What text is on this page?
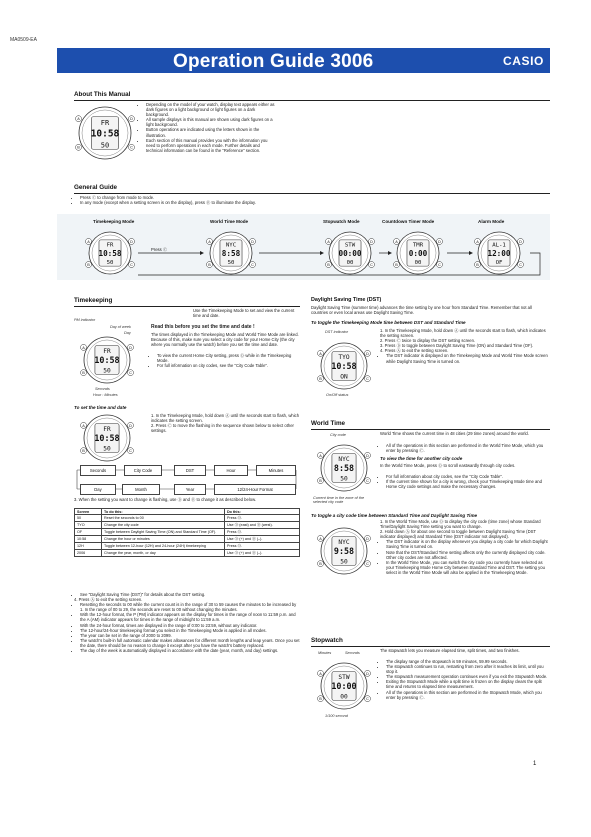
MA0509-EA
Operation Guide 3006	CASIO
About This Manual
FR
10:58
50
A
B	C
D
• Depending on the model of your watch, display text appears either as dark figures on a light background or light figures on a dark background.
• All sample displays in this manual are shown using dark figures on a light background.
• Button operations are indicated using the letters shown in the illustration.
• Each section of this manual provides you with the information you need to perform operations in each mode. Further details and technical information can be found in the "Reference" section.
General Guide
• Press Ⓒ to change from mode to mode.
• In any mode (except when a setting screen is on the display), press Ⓑ to illuminate the display.
Timekeeping Mode	World Time Mode	Stopwatch Mode	Countdown Timer Mode	Alarm Mode
FR
10:58
50
A
B	C
D
NYC
8:58
50
A
B	C
D
STW
00:00
00
A
B	C
D
TMR
0:00
00
A
B	C
D
AL-1
12:00
OF
A
B	C
D
Press Ⓒ
Timekeeping
Use the Timekeeping Mode to set and view the current time and date.
PM indicator
Day of week
Day
FR
10:58
50
A
B	C
D
Seconds
Hour : Minutes
Read this before you set the time and date !
The times displayed in the Timekeeping Mode and World Time Mode are linked. Because of this, make sure you select a city code for your Home City (the city where you normally use the watch) before you set the time and date.
• To view the current Home City setting, press Ⓓ while in the Timekeeping Mode.
• For full information on city codes, see the "City Code Table".
To set the time and date
FR
10:58
50
A
B	C
D
1. In the Timekeeping Mode, hold down Ⓐ until the seconds start to flash, which indicates the setting screen.
2. Press Ⓒ to move the flashing in the sequence shown below to select other settings.
Seconds	City Code	DST	Hour	Minutes
Day	Month	Year	12/24-Hour Format
3. When the setting you want to change is flashing, use Ⓓ and Ⓑ to change it as described below.
Screen	To do this:	Do this:
50	Reset the seconds to 00	Press Ⓓ.
TYO	Change the city code	Use Ⓓ (east) and Ⓑ (west).
OF	Toggle between Daylight Saving Time (ON) and Standard Time (OF).	Press Ⓓ.
10:58	Change the hour or minutes	Use Ⓓ (+) and Ⓑ (–).
12H	Toggle between 12-hour (12H) and 24-hour (24H) timekeeping	Press Ⓓ.
2006	Change the year, month, or day	Use Ⓓ (+) and Ⓑ (–).
• See "Daylight Saving Time (DST)" for details about the DST setting.
4. Press Ⓐ to exit the setting screen.
• Resetting the seconds to 00 while the current count is in the range of 30 to 59 causes the minutes to be increased by 1. In the range of 00 to 29, the seconds are reset to 00 without changing the minutes.
• With the 12-hour format, the P (PM) indicator appears on the display for times in the range of noon to 11:59 p.m. and the A (AM) indicator appears for times in the range of midnight to 11:59 a.m.
• With the 24-hour format, times are displayed in the range of 0:00 to 23:59, without any indicator.
• The 12-hour/24-hour timekeeping format you select in the Timekeeping Mode is applied in all modes.
• The year can be set in the range of 2000 to 2099.
• The watch's built-in full automatic calendar makes allowances for different month lengths and leap years. Once you set the date, there should be no reason to change it except after you have the watch's battery replaced.
• The day of the week is automatically displayed in accordance with the date (year, month, and day) settings.
Daylight Saving Time (DST)
Daylight Saving Time (summer time) advances the time setting by one hour from Standard Time. Remember that not all countries or even local areas use Daylight Saving Time.
To toggle the Timekeeping Mode time between DST and Standard Time
DST indicator
TYO
10:58
ON
A
B	C
D
On/Off status
1. In the Timekeeping Mode, hold down Ⓐ until the seconds start to flash, which indicates the setting screen.
2. Press Ⓒ twice to display the DST setting screen.
3. Press Ⓓ to toggle between Daylight Saving Time (ON) and Standard Time (OF).
4. Press Ⓐ to exit the setting screen.
• The DST indicator is displayed on the Timekeeping Mode and World Time Mode screen while Daylight Saving Time is turned on.
World Time
City code
NYC
8:58
50
A
B	C
D
Current time in the zone of the selected city code
World Time shows the current time in 48 cities (29 time zones) around the world.
• All of the operations in this section are performed in the World Time Mode, which you enter by pressing Ⓒ.
To view the time for another city code
In the World Time Mode, press Ⓓ to scroll eastwardly through city codes.
• For full information about city codes, see the "City Code Table".
• If the current time shown for a city is wrong, check your Timekeeping Mode time and Home City code settings and make the necessary changes.
To toggle a city code time between Standard Time and Daylight Saving Time
NYC
9:58
50
A
B	C
D
1. In the World Time Mode, use Ⓓ to display the city code (time zone) whose Standard Time/Daylight Saving Time setting you want to change.
2. Hold down Ⓐ for about one second to toggle between Daylight Saving Time (DST indicator displayed) and Standard Time (DST indicator not displayed).
• The DST indicator is on the display whenever you display a city code for which Daylight Saving Time is turned on.
• Note that the DST/Standard Time setting affects only the currently displayed city code. Other city codes are not affected.
• In the World Time Mode, you can switch the city code you currently have selected as your Timekeeping Mode Home City between Standard Time and DST. The setting you select in the World Time Mode will also be applied in the Timekeeping Mode.
Stopwatch
Minutes	Seconds
STW
10:00
00
A
B	C
D
1/100 second
The stopwatch lets you measure elapsed time, split times, and two finishes.
• The display range of the stopwatch is 59 minutes, 59.99 seconds.
• The stopwatch continues to run, restarting from zero after it reaches its limit, until you stop it.
• The stopwatch measurement operation continues even if you exit the Stopwatch Mode.
• Exiting the Stopwatch Mode while a split time is frozen on the display clears the split time and returns to elapsed time measurement.
• All of the operations in this section are performed in the Stopwatch Mode, which you enter by pressing Ⓒ.
1
